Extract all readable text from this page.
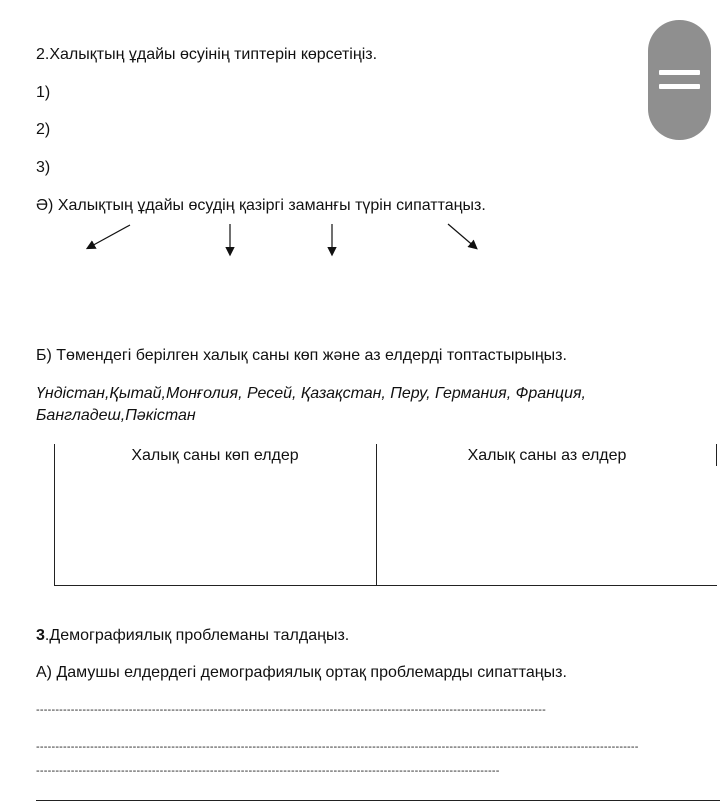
2.Халықтың ұдайы өсуінің типтерін көрсетіңіз.
1)
2)
3)
Ә) Халықтың ұдайы өсудің қазіргі заманғы түрін сипаттаңыз.
Б) Төмендегі берілген халық саны көп және аз елдерді топтастырыңыз.
Үндістан,Қытай,Монғолия, Ресей, Қазақстан, Перу, Германия, Франция,
Бангладеш,Пәкістан
Халық саны көп елдер	Халық саны аз елдер
3.Демографиялық проблеманы талдаңыз.
А) Дамушы елдердегі демографиялық ортақ проблемарды сипаттаңыз.
------------------------------------------------------------------------------------------------------------------------------------
------------------------------------------------------------------------------------------------------------------------------------------------------------
------------------------------------------------------------------------------------------------------------------------
